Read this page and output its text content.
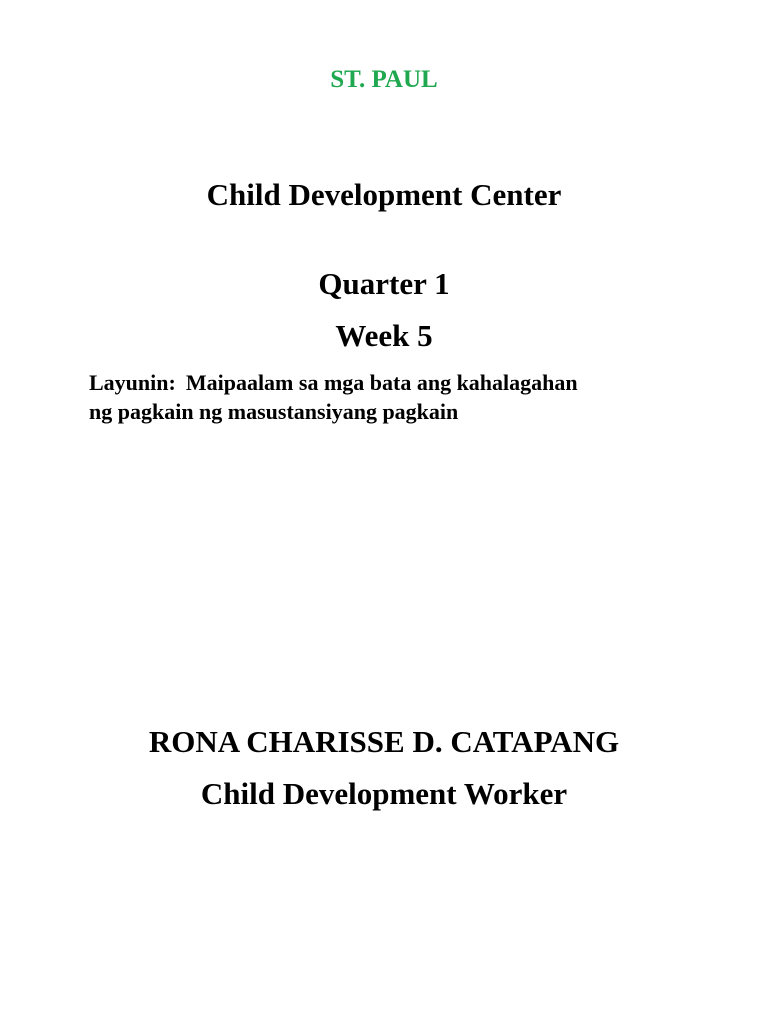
ST. PAUL
Child Development Center
Quarter 1
Week 5
Layunin: Maipaalam sa mga bata ang kahalagahan
ng pagkain ng masustansiyang pagkain
RONA CHARISSE D. CATAPANG
Child Development Worker
